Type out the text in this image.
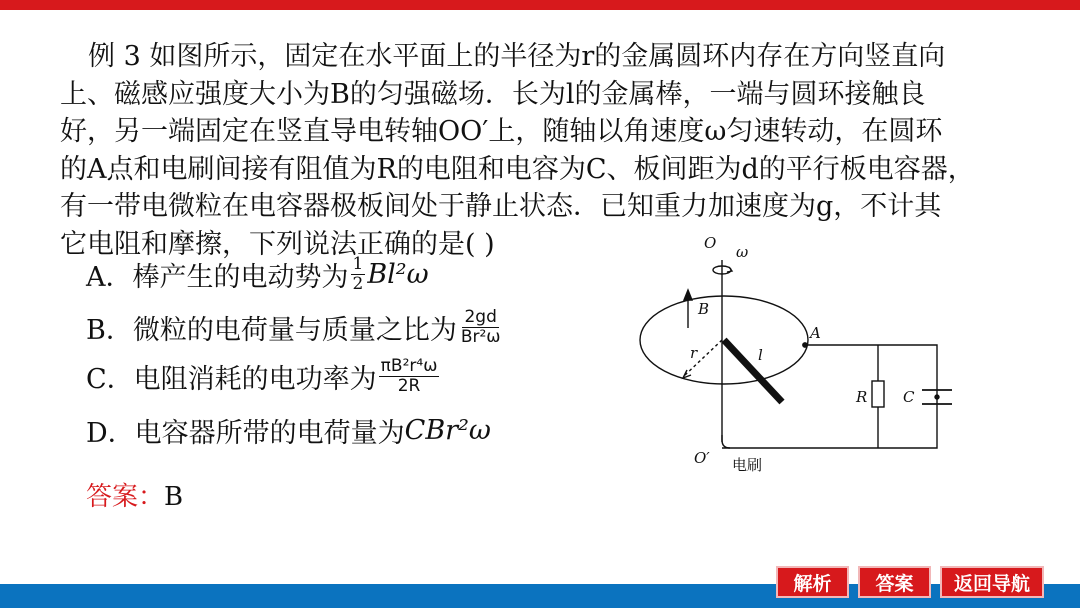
例 3 如图所示，固定在水平面上的半径为r的金属圆环内存在方向竖直向

上、磁感应强度大小为B的匀强磁场．长为l的金属棒，一端与圆环接触良

好，另一端固定在竖直导电转轴OO′上，随轴以角速度ω匀速转动，在圆环

的A点和电刷间接有阻值为R的电阻和电容为C、板间距为d的平行板电容器，

有一带电微粒在电容器极板间处于静止状态．已知重力加速度为g，不计其

它电阻和摩擦，下列说法正确的是( )

A．棒产生的电动势为 $\frac{1}{2} Bl^2\omega$
B．微粒的电荷量与质量之比为 $\frac{2gd}{\text{Br²ω}}$
C．电阻消耗的电功率为 $\frac{\text{πB²r⁴ω}}{2R}$
D．电容器所带的电荷量为 CBr²ω
答案：B
O ω
B
r	l
A
R C
O′ 电刷
解析	答案	返回导航
